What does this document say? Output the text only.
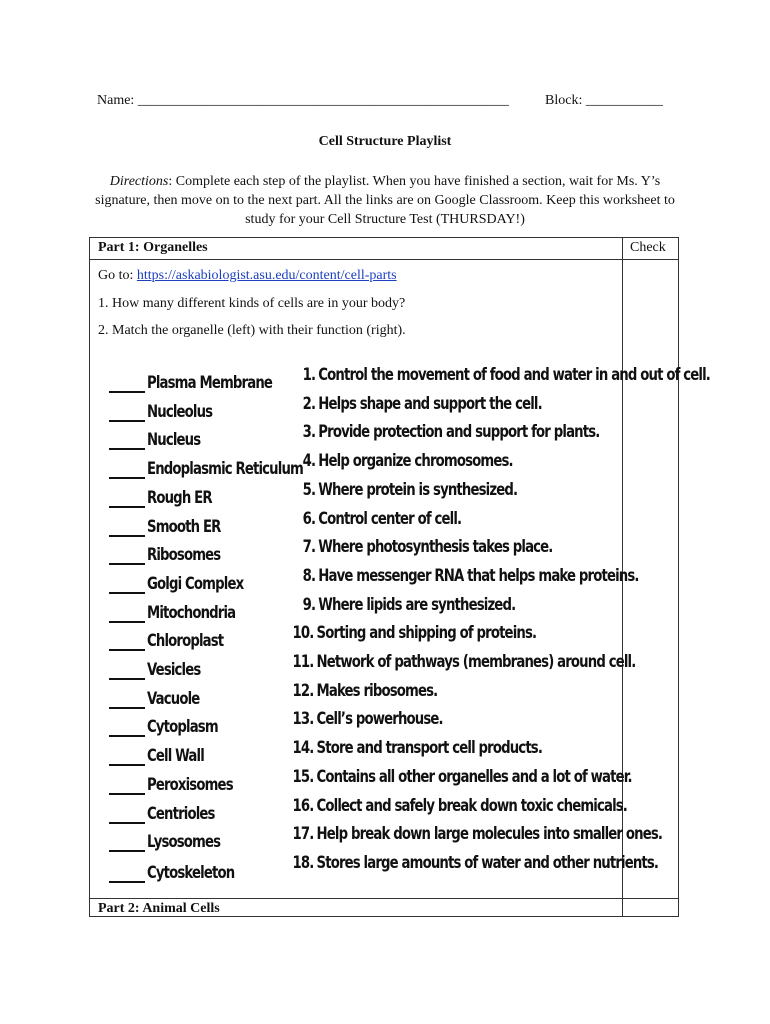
Name: _____________________________________________________	Block: ___________
Cell Structure Playlist
Directions: Complete each step of the playlist. When you have finished a section, wait for Ms. Y’s signature, then move on to the next part. All the links are on Google Classroom. Keep this worksheet to study for your Cell Structure Test (THURSDAY!)
Part 1: Organelles	Check
Go to: https://askabiologist.asu.edu/content/cell-parts
1. How many different kinds of cells are in your body?
2. Match the organelle (left) with their function (right).
Plasma Membrane
Nucleolus
Nucleus
Endoplasmic Reticulum
Rough ER
Smooth ER
Ribosomes
Golgi Complex
Mitochondria
Chloroplast
Vesicles
Vacuole
Cytoplasm
Cell Wall
Peroxisomes
Centrioles
Lysosomes
Cytoskeleton
1. Control the movement of food and water in and out of cell.
2. Helps shape and support the cell.
3. Provide protection and support for plants.
4. Help organize chromosomes.
5. Where protein is synthesized.
6. Control center of cell.
7. Where photosynthesis takes place.
8. Have messenger RNA that helps make proteins.
9. Where lipids are synthesized.
10. Sorting and shipping of proteins.
11. Network of pathways (membranes) around cell.
12. Makes ribosomes.
13. Cell’s powerhouse.
14. Store and transport cell products.
15. Contains all other organelles and a lot of water.
16. Collect and safely break down toxic chemicals.
17. Help break down large molecules into smaller ones.
18. Stores large amounts of water and other nutrients.
Part 2: Animal Cells
